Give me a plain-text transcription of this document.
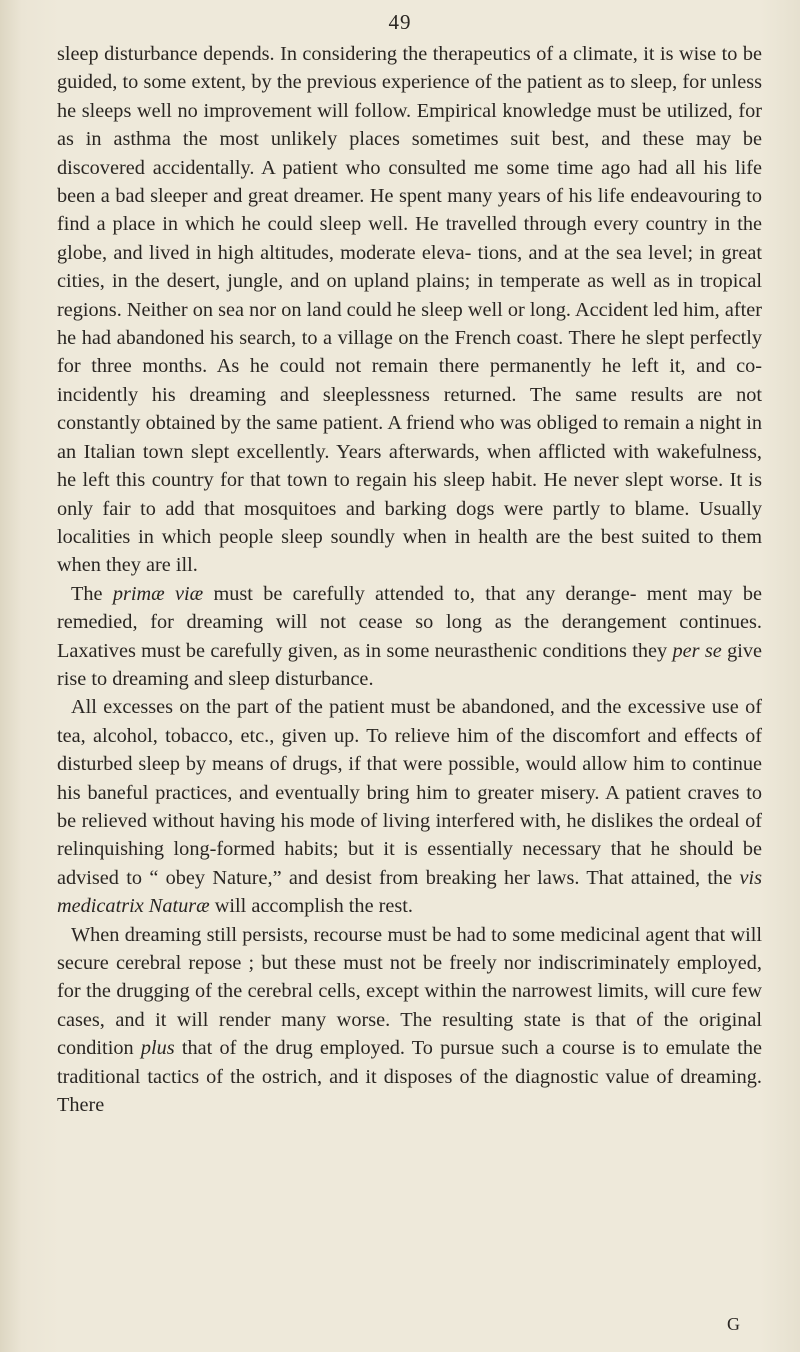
49

sleep disturbance depends. In considering the therapeutics of a climate, it is wise to be guided, to some extent, by the previous experience of the patient as to sleep, for unless he sleeps well no improvement will follow. Empirical knowledge must be utilized, for as in asthma the most unlikely places sometimes suit best, and these may be discovered accidentally. A patient who consulted me some time ago had all his life been a bad sleeper and great dreamer. He spent many years of his life endeavouring to find a place in which he could sleep well. He travelled through every country in the globe, and lived in high altitudes, moderate eleva- tions, and at the sea level; in great cities, in the desert, jungle, and on upland plains; in temperate as well as in tropical regions. Neither on sea nor on land could he sleep well or long. Accident led him, after he had abandoned his search, to a village on the French coast. There he slept perfectly for three months. As he could not remain there permanently he left it, and co-incidently his dreaming and sleeplessness returned. The same results are not constantly obtained by the same patient. A friend who was obliged to remain a night in an Italian town slept excellently. Years afterwards, when afflicted with wakefulness, he left this country for that town to regain his sleep habit. He never slept worse. It is only fair to add that mosquitoes and barking dogs were partly to blame. Usually localities in which people sleep soundly when in health are the best suited to them when they are ill.

The primæ viæ must be carefully attended to, that any derange- ment may be remedied, for dreaming will not cease so long as the derangement continues. Laxatives must be carefully given, as in some neurasthenic conditions they per se give rise to dreaming and sleep disturbance.

All excesses on the part of the patient must be abandoned, and the excessive use of tea, alcohol, tobacco, etc., given up. To relieve him of the discomfort and effects of disturbed sleep by means of drugs, if that were possible, would allow him to continue his baneful practices, and eventually bring him to greater misery. A patient craves to be relieved without having his mode of living interfered with, he dislikes the ordeal of relinquishing long-formed habits; but it is essentially necessary that he should be advised to “ obey Nature,” and desist from breaking her laws. That attained, the vis medicatrix Naturæ will accomplish the rest.

When dreaming still persists, recourse must be had to some medicinal agent that will secure cerebral repose ; but these must not be freely nor indiscriminately employed, for the drugging of the cerebral cells, except within the narrowest limits, will cure few cases, and it will render many worse. The resulting state is that of the original condition plus that of the drug employed. To pursue such a course is to emulate the traditional tactics of the ostrich, and it disposes of the diagnostic value of dreaming. There

G
